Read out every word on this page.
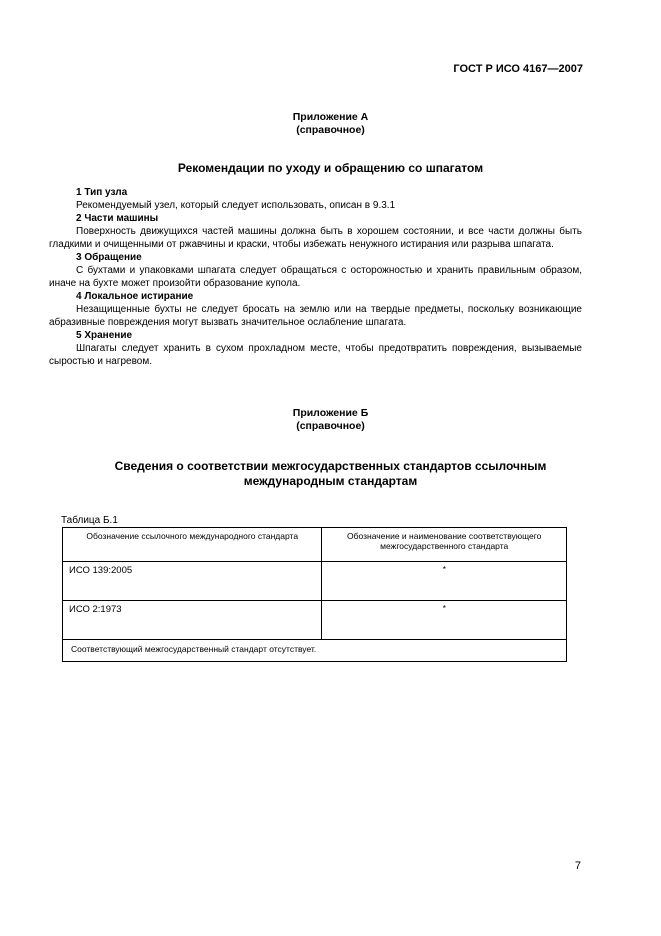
ГОСТ Р ИСО 4167—2007
Приложение А
(справочное)
Рекомендации по уходу и обращению со шпагатом
1 Тип узла

Рекомендуемый узел, который следует использовать, описан в 9.3.1

2 Части машины

Поверхность движущихся частей машины должна быть в хорошем состоянии, и все части должны быть гладкими и очищенными от ржавчины и краски, чтобы избежать ненужного истирания или разрыва шпагата.

3 Обращение

С бухтами и упаковками шпагата следует обращаться с осторожностью и хранить правильным образом, иначе на бухте может произойти образование купола.

4 Локальное истирание

Незащищенные бухты не следует бросать на землю или на твердые предметы, поскольку возникающие абразивные повреждения могут вызвать значительное ослабление шпагата.

5 Хранение

Шпагаты следует хранить в сухом прохладном месте, чтобы предотвратить повреждения, вызываемые сыростью и нагревом.

Приложение Б
(справочное)
Сведения о соответствии межгосударственных стандартов ссылочным
международным стандартам
Таблица Б.1
Обозначение ссылочного международного стандарта	Обозначение и наименование соответствующего межгосударственного стандарта
ИСО 139:2005	*
ИСО 2:1973	*
Соответствующий межгосударственный стандарт отсутствует.	
7
